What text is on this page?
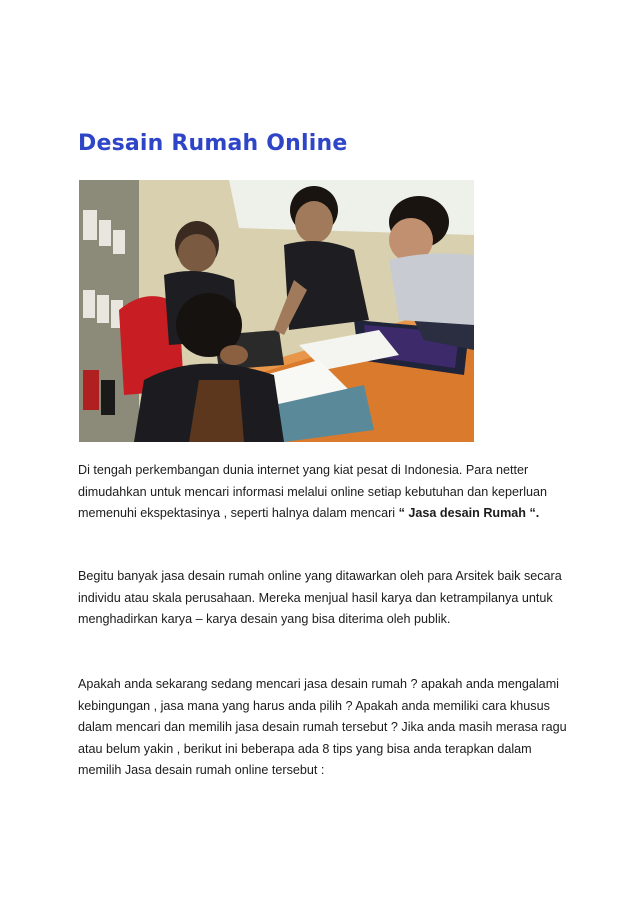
Desain Rumah Online

Di tengah perkembangan dunia internet yang kiat pesat di Indonesia. Para netter dimudahkan untuk mencari informasi melalui online setiap kebutuhan dan keperluan memenuhi ekspektasinya , seperti halnya dalam mencari “ Jasa desain Rumah “.

Begitu banyak jasa desain rumah online yang ditawarkan oleh para Arsitek baik secara individu atau skala perusahaan. Mereka menjual hasil karya dan ketrampilanya untuk menghadirkan karya – karya desain yang bisa diterima oleh publik.

Apakah anda sekarang sedang mencari jasa desain rumah ? apakah anda mengalami kebingungan , jasa mana yang harus anda pilih ? Apakah anda memiliki cara khusus dalam mencari dan memilih jasa desain rumah tersebut ? Jika anda masih merasa ragu atau belum yakin , berikut ini beberapa ada 8 tips yang bisa anda terapkan dalam memilih Jasa desain rumah online tersebut :
